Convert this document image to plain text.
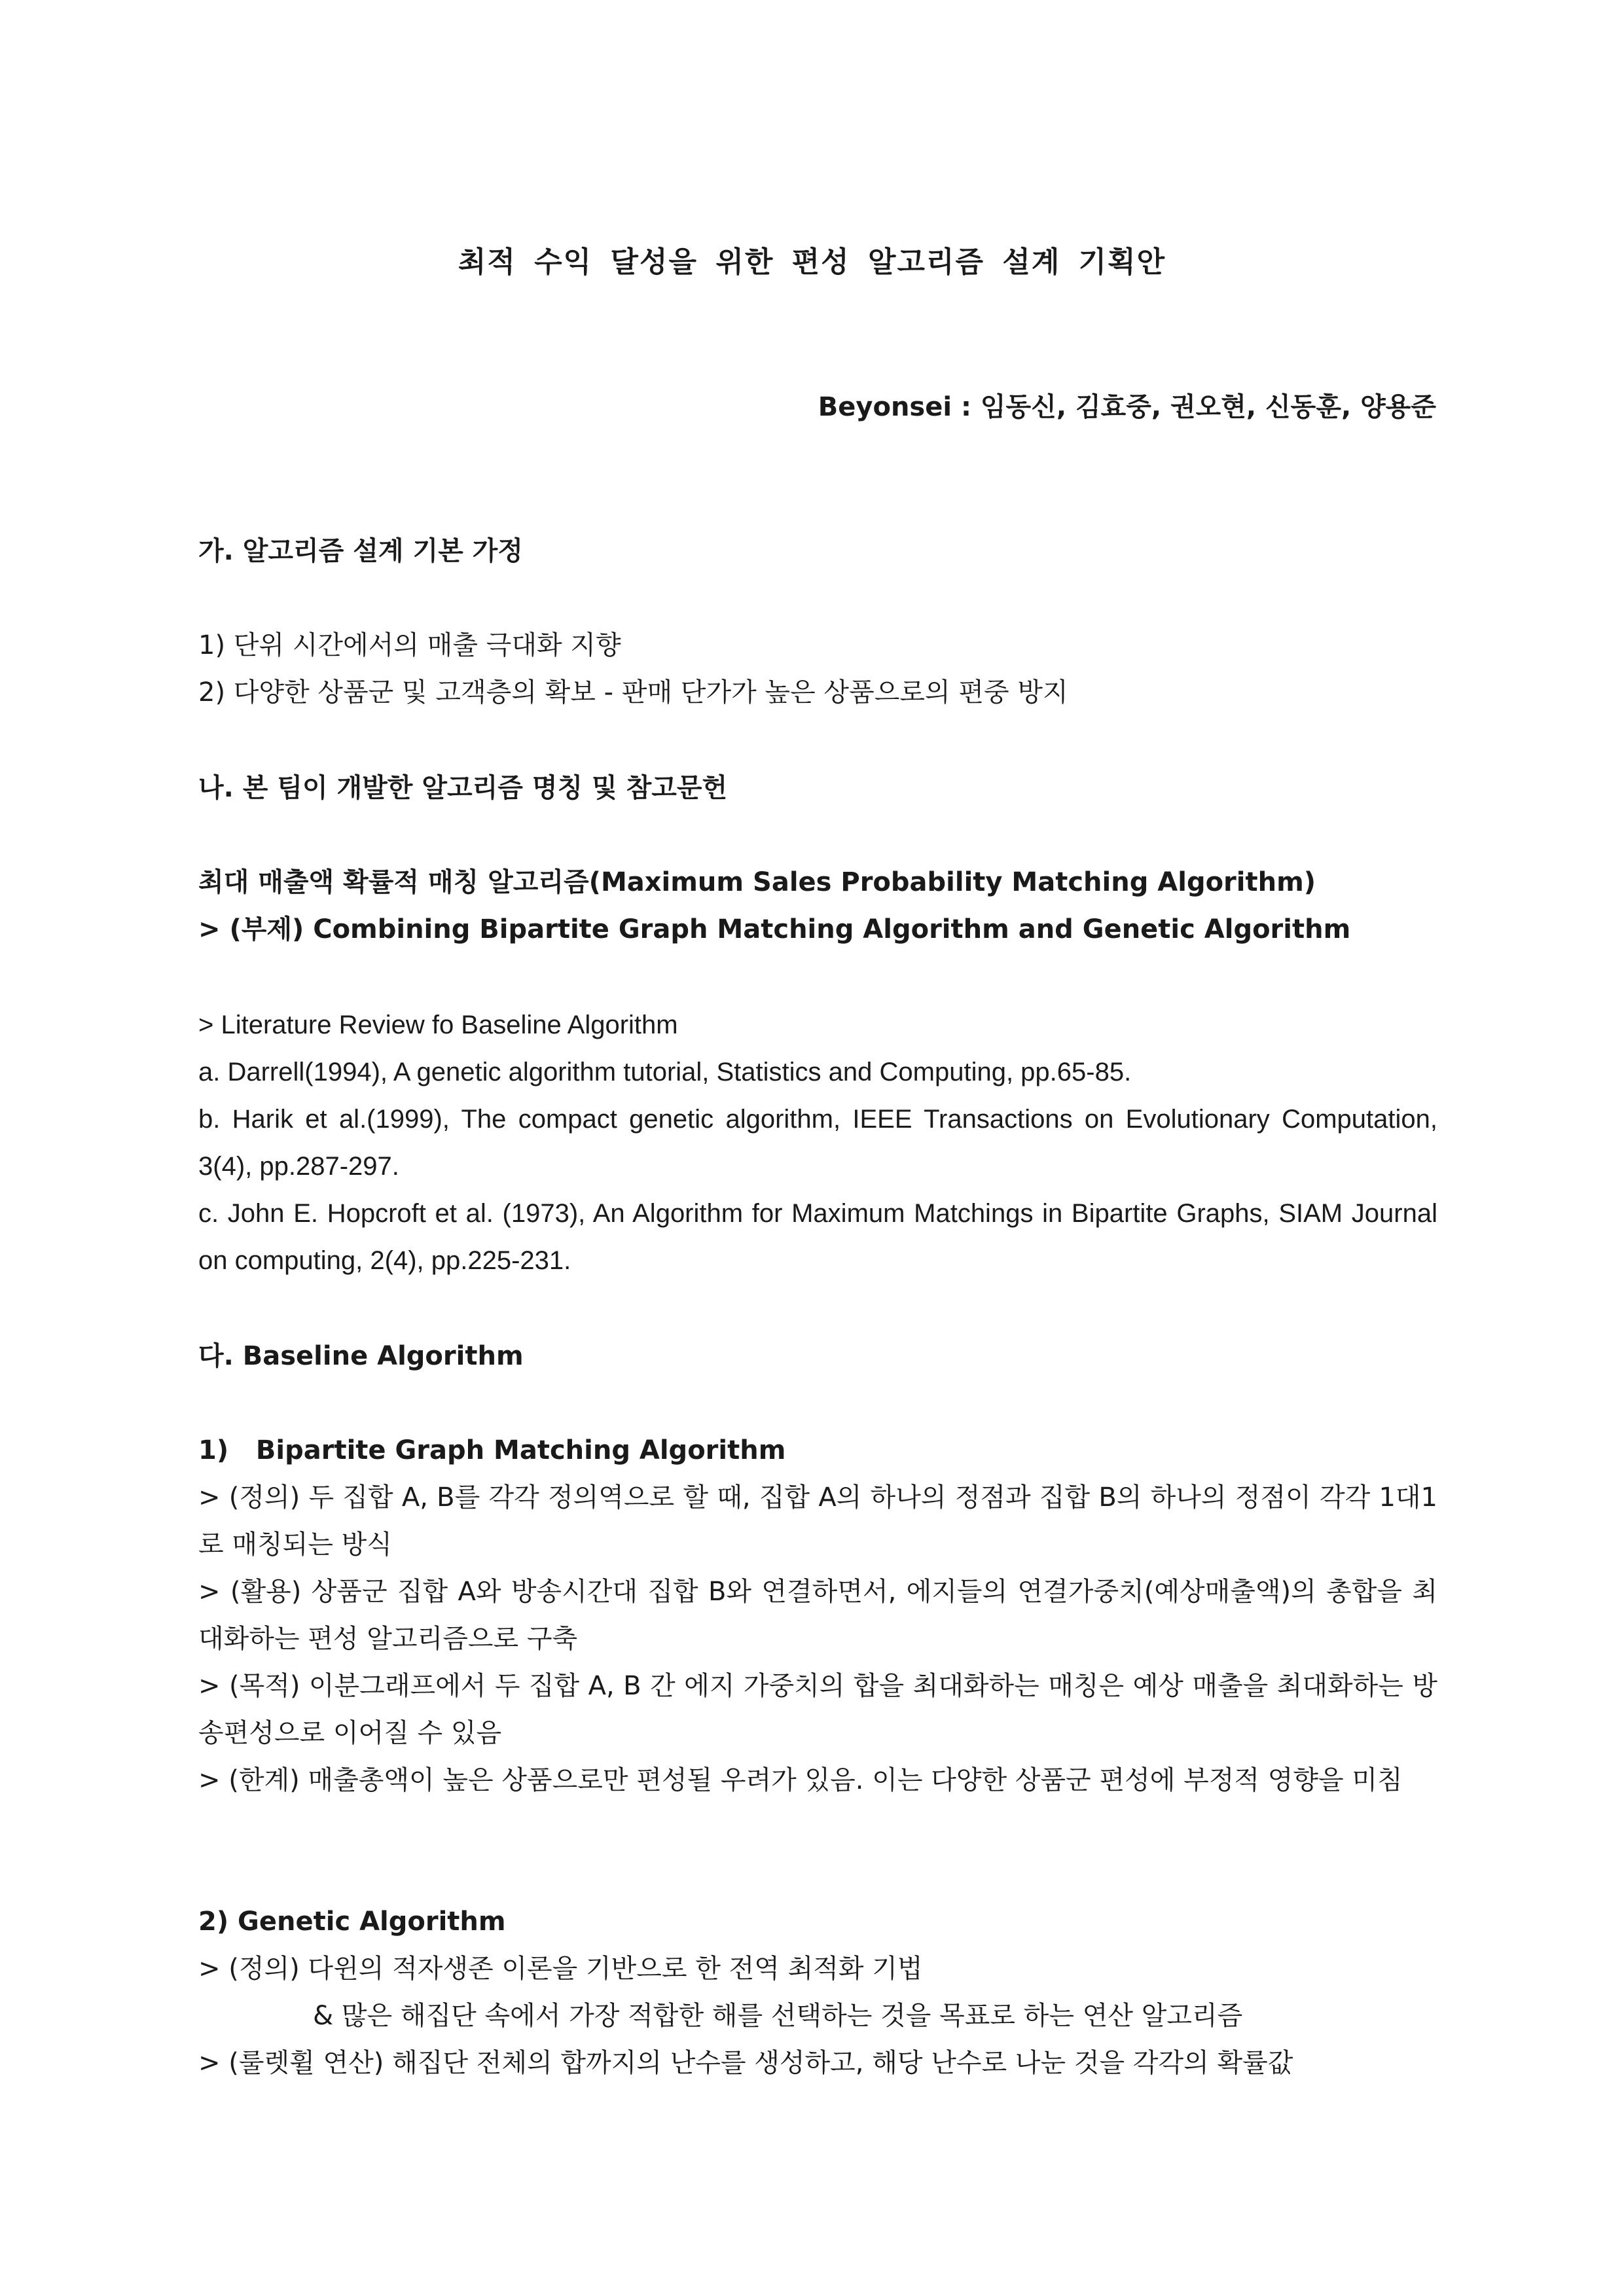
최적 수익 달성을 위한 편성 알고리즘 설계 기획안
Beyonsei : 임동신, 김효중, 권오현, 신동훈, 양용준
가. 알고리즘 설계 기본 가정
1) 단위 시간에서의 매출 극대화 지향
2) 다양한 상품군 및 고객층의 확보 - 판매 단가가 높은 상품으로의 편중 방지
나. 본 팀이 개발한 알고리즘 명칭 및 참고문헌
최대 매출액 확률적 매칭 알고리즘(Maximum Sales Probability Matching Algorithm)
> (부제) Combining Bipartite Graph Matching Algorithm and Genetic Algorithm
> Literature Review fo Baseline Algorithm
a. Darrell(1994), A genetic algorithm tutorial, Statistics and Computing, pp.65-85.
b. Harik et al.(1999), The compact genetic algorithm, IEEE Transactions on Evolutionary Computation, 3(4), pp.287-297.
c. John E. Hopcroft et al. (1973), An Algorithm for Maximum Matchings in Bipartite Graphs, SIAM Journal on computing, 2(4), pp.225-231.
다. Baseline Algorithm
1)   Bipartite Graph Matching Algorithm
> (정의) 두 집합 A, B를 각각 정의역으로 할 때, 집합 A의 하나의 정점과 집합 B의 하나의 정점이 각각 1대1로 매칭되는 방식
> (활용) 상품군 집합 A와 방송시간대 집합 B와 연결하면서, 에지들의 연결가중치(예상매출액)의 총합을 최대화하는 편성 알고리즘으로 구축
> (목적) 이분그래프에서 두 집합 A, B 간 에지 가중치의 합을 최대화하는 매칭은 예상 매출을 최대화하는 방송편성으로 이어질 수 있음
> (한계) 매출총액이 높은 상품으로만 편성될 우려가 있음. 이는 다양한 상품군 편성에 부정적 영향을 미침
2) Genetic Algorithm
> (정의) 다윈의 적자생존 이론을 기반으로 한 전역 최적화 기법
& 많은 해집단 속에서 가장 적합한 해를 선택하는 것을 목표로 하는 연산 알고리즘
> (룰렛휠 연산) 해집단 전체의 합까지의 난수를 생성하고, 해당 난수로 나눈 것을 각각의 확률값
